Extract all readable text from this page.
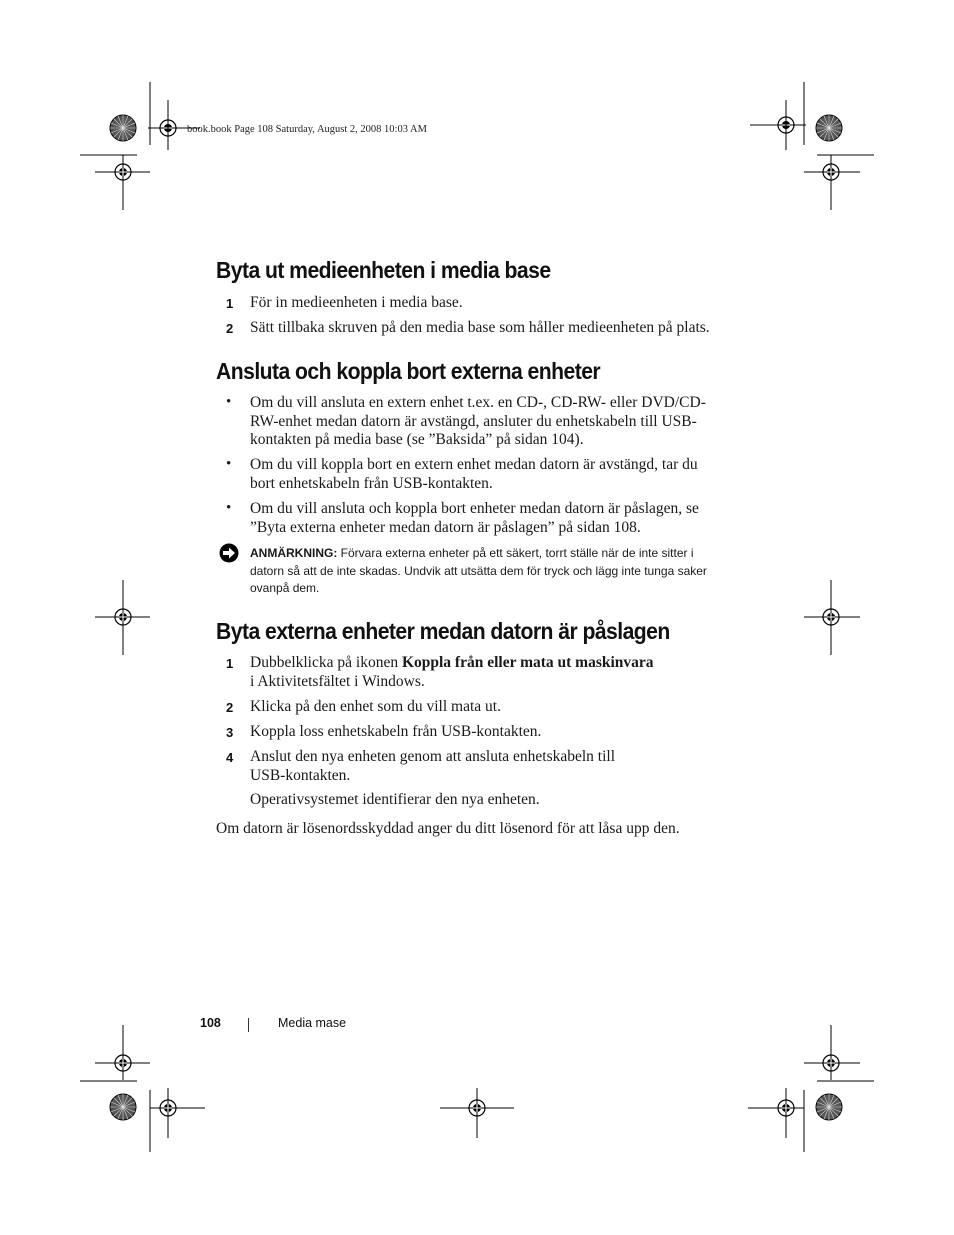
book.book Page 108 Saturday, August 2, 2008 10:03 AM
Byta ut medieenheten i media base
1 För in medieenheten i media base.
2 Sätt tillbaka skruven på den media base som håller medieenheten på plats.
Ansluta och koppla bort externa enheter
• Om du vill ansluta en extern enhet t.ex. en CD-, CD-RW- eller DVD/CD-RW-enhet medan datorn är avstängd, ansluter du enhetskabeln till USB-kontakten på media base (se ”Baksida” på sidan 104).
• Om du vill koppla bort en extern enhet medan datorn är avstängd, tar du bort enhetskabeln från USB-kontakten.
• Om du vill ansluta och koppla bort enheter medan datorn är påslagen, se ”Byta externa enheter medan datorn är påslagen” på sidan 108.
ANMÄRKNING: Förvara externa enheter på ett säkert, torrt ställe när de inte sitter i datorn så att de inte skadas. Undvik att utsätta dem för tryck och lägg inte tunga saker ovanpå dem.
Byta externa enheter medan datorn är påslagen
1 Dubbelklicka på ikonen Koppla från eller mata ut maskinvara
i Aktivitetsfältet i Windows.
2 Klicka på den enhet som du vill mata ut.
3 Koppla loss enhetskabeln från USB-kontakten.
4 Anslut den nya enheten genom att ansluta enhetskabeln till USB-kontakten.
Operativsystemet identifierar den nya enheten.
Om datorn är lösenordsskyddad anger du ditt lösenord för att låsa upp den.
108	Media mase
